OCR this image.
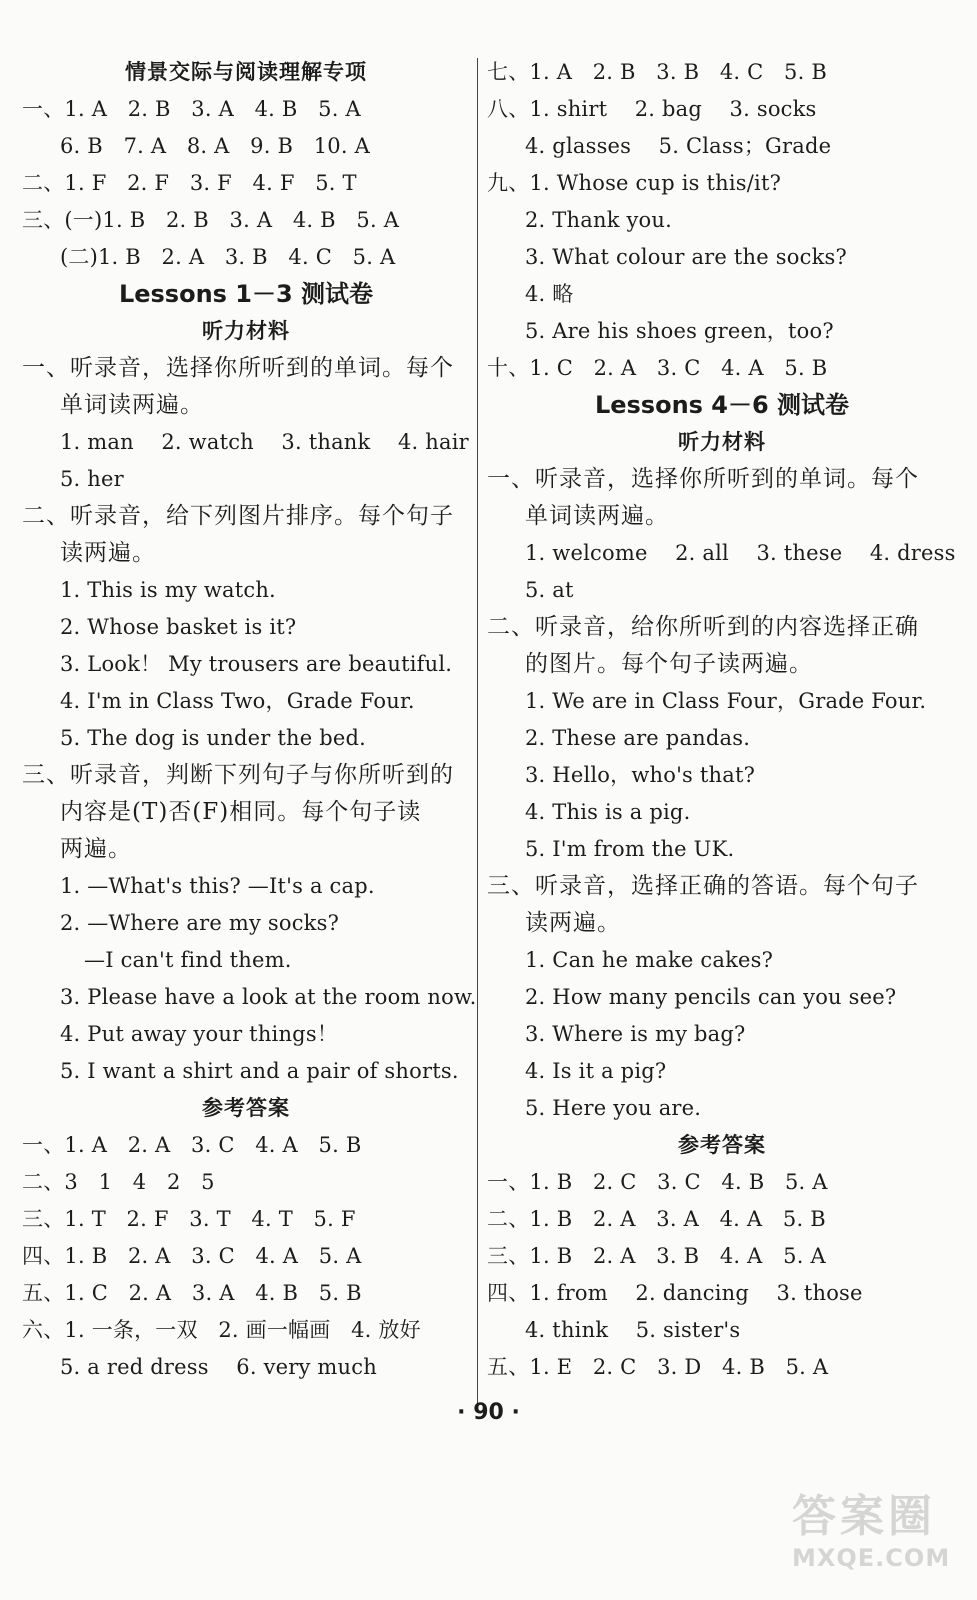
情景交际与阅读理解专项
一、1. A   2. B   3. A   4. B   5. A
6. B   7. A   8. A   9. B   10. A
二、1. F   2. F   3. F   4. F   5. T
三、(一)1. B   2. B   3. A   4. B   5. A
(二)1. B   2. A   3. B   4. C   5. A
Lessons 1－3 测试卷
听力材料
一、听录音，选择你所听到的单词。每个
单词读两遍。
1. man    2. watch    3. thank    4. hair
5. her
二、听录音，给下列图片排序。每个句子
读两遍。
1. This is my watch.
2. Whose basket is it?
3. Look！ My trousers are beautiful.
4. I'm in Class Two，Grade Four.
5. The dog is under the bed.
三、听录音，判断下列句子与你所听到的
内容是(T)否(F)相同。每个句子读
两遍。
1. —What's this? —It's a cap.
2. —Where are my socks?
—I can't find them.
3. Please have a look at the room now.
4. Put away your things！
5. I want a shirt and a pair of shorts.
参考答案
一、1. A   2. A   3. C   4. A   5. B
二、3   1   4   2   5
三、1. T   2. F   3. T   4. T   5. F
四、1. B   2. A   3. C   4. A   5. A
五、1. C   2. A   3. A   4. B   5. B
六、1. 一条，一双   2. 画一幅画   4. 放好
5. a red dress    6. very much
七、1. A   2. B   3. B   4. C   5. B
八、1. shirt    2. bag    3. socks
4. glasses    5. Class；Grade
九、1. Whose cup is this/it?
2. Thank you.
3. What colour are the socks?
4. 略
5. Are his shoes green，too?
十、1. C   2. A   3. C   4. A   5. B
Lessons 4－6 测试卷
听力材料
一、听录音，选择你所听到的单词。每个
单词读两遍。
1. welcome    2. all    3. these    4. dress
5. at
二、听录音，给你所听到的内容选择正确
的图片。每个句子读两遍。
1. We are in Class Four，Grade Four.
2. These are pandas.
3. Hello，who's that?
4. This is a pig.
5. I'm from the UK.
三、听录音，选择正确的答语。每个句子
读两遍。
1. Can he make cakes?
2. How many pencils can you see?
3. Where is my bag?
4. Is it a pig?
5. Here you are.
参考答案
一、1. B   2. C   3. C   4. B   5. A
二、1. B   2. A   3. A   4. A   5. B
三、1. B   2. A   3. B   4. A   5. A
四、1. from    2. dancing    3. those
4. think    5. sister's
五、1. E   2. C   3. D   4. B   5. A
· 90 ·
答案圈
MXQE.COM
